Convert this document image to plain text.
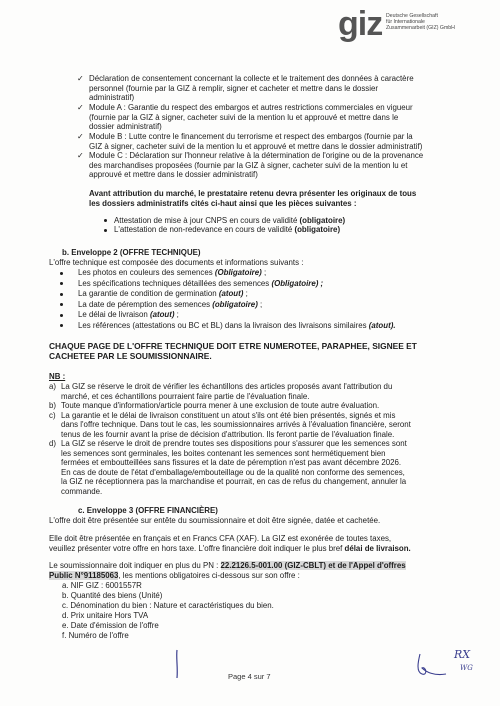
giz Deutsche Gesellschaft
für Internationale
Zusammenarbeit (GIZ) GmbH
✓ Déclaration de consentement concernant la collecte et le traitement des données à caractère

personnel (fournie par la GIZ à remplir, signer et cacheter et mettre dans le dossier

administratif)

✓ Module A : Garantie du respect des embargos et autres restrictions commerciales en vigueur

(fournie par la GIZ à signer, cacheter suivi de la mention lu et approuvé et mettre dans le

dossier administratif)

✓ Module B : Lutte contre le financement du terrorisme et respect des embargos (fournie par la

GIZ à signer, cacheter suivi de la mention lu et approuvé et mettre dans le dossier administratif)

✓ Module C : Déclaration sur l'honneur relative à la détermination de l'origine ou de la provenance

des marchandises proposées (fournie par la GIZ à signer, cacheter suivi de la mention lu et

approuvé et mettre dans le dossier administratif)

Avant attribution du marché, le prestataire retenu devra présenter les originaux de tous

les dossiers administratifs cités ci-haut ainsi que les pièces suivantes :

Attestation de mise à jour CNPS en cours de validité (obligatoire)

L'attestation de non-redevance en cours de validité (obligatoire)

b. Enveloppe 2 (OFFRE TECHNIQUE)

L'offre technique est composée des documents et informations suivants :

Les photos en couleurs des semences (Obligatoire) ;

Les spécifications techniques détaillées des semences (Obligatoire) ;

La garantie de condition de germination (atout) ;

La date de péremption des semences (obligatoire) ;

Le délai de livraison (atout) ;

Les références (attestations ou BC et BL) dans la livraison des livraisons similaires (atout).

CHAQUE PAGE DE L'OFFRE TECHNIQUE DOIT ETRE NUMEROTEE, PARAPHEE, SIGNEE ET

CACHETEE PAR LE SOUMISSIONNAIRE.

NB :

a) La GIZ se réserve le droit de vérifier les échantillons des articles proposés avant l'attribution du

marché, et ces échantillons pourraient faire partie de l'évaluation finale.

b) Toute manque d'information/article pourra mener à une exclusion de toute autre évaluation.

c) La garantie et le délai de livraison constituent un atout s'ils ont été bien présentés, signés et mis

dans l'offre technique. Dans tout le cas, les soumissionnaires arrivés à l'évaluation financière, seront

tenus de les fournir avant la prise de décision d'attribution. Ils feront partie de l'évaluation finale.

d) La GIZ se réserve le droit de prendre toutes ses dispositions pour s'assurer que les semences sont

les semences sont germinales, les boites contenant les semences sont hermétiquement bien

fermées et emboutteillées sans fissures et la date de péremption n'est pas avant décembre 2026.

En cas de doute de l'état d'emballage/embouteillage ou de la qualité non conforme des semences,

la GIZ ne réceptionnera pas la marchandise et pourrait, en cas de refus du changement, annuler la

commande.

c. Enveloppe 3 (OFFRE FINANCIÈRE)

L'offre doit être présentée sur entête du soumissionnaire et doit être signée, datée et cachetée.

Elle doit être présentée en français et en Francs CFA (XAF). La GIZ est exonérée de toutes taxes,

veuillez présenter votre offre en hors taxe. L'offre financière doit indiquer le plus bref délai de livraison.

Le soumissionnaire doit indiquer en plus du PN : 22.2126.5-001.00 (GIZ-CBLT) et de l'Appel d'offres

Public N°91185063, les mentions obligatoires ci-dessous sur son offre :

a. NIF GIZ : 6001557R

b. Quantité des biens (Unité)

c. Dénomination du bien : Nature et caractéristiques du bien.

d. Prix unitaire Hors TVA

e. Date d'émission de l'offre

f. Numéro de l'offre

Page 4 sur 7
RX
WG
